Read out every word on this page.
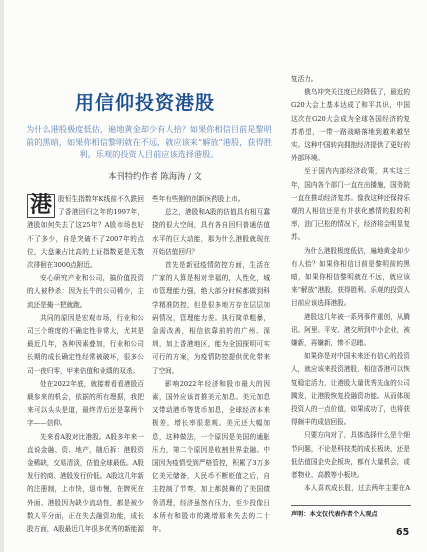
用信仰投资港股
为什么港股极度低估，遍地黄金却少有人拾？如果你相信目前是黎明前的黑暗，如果你相信黎明就在不远，就应该来“解放”港股，获得胜利。乐观的投资人目前应该选择港股。
本刊特约作者 陈海涛 / 文

港 股恒生指数年K线前不久跌回了香港回归之年的1997年，港股如何失去了这25年？A股市场也好不了多少，自是突破不了2007年的点位，大盘兼占比高的上证指数更是无数次徘徊在3000点附近。

安心研究产业和公司，搞价值投资的人被秒杀：因为长牛的公司稀少，主流还是掩一把就跑。

共同的原因是宏观市场，行业和公司三个维度的不确定性非常大，尤其是最近几年，各种因素叠加，行业和公司长期的成长确定性经常被破坏，很多公司一夜归零，甲来估值和业绩的双杀。

处在2022年底，就接着看看港股百载参来的机会，依据的所有理据，我把来可以头头是道，最终青后还是靠两个字——信仰。

先来看A股对比港股。A股多年来一直说金融、资、地产，随后拆：港股资金稀缺，交易清淡，估值全球最低。A股发行的商、港股发行价低。A股这几年新的注册制，上市快，退市慢，在牌死在外面、港股因为缺少流动性，都是被少数人平分面，正在失去融资功能，成长股方面，A股最近几年很多优秀的新能源

些年有些刚的创新医药股上市。

总之，港股和A股的估值具有相互蠢挠的很大空间，具有各自回归普通估值水平的巨大动能，那为什么港股就现在开始估值回归？

首先是新冠疫情防控方面，生活在广家的人算是相对幸福的，人性化，城市管理能力强，绝大部分时候都做到科学精准防控，但是很多地方存在层层加码情况，管理能力差。执行简单粗暴，急需改善，相信依靠前的的广州、深圳，加上香港地区，能为全国探明可实可行的方案，为疫情防控提供优化带来了空间。

影响2022年经济和股市最大的因素，国外应该首推美元加息。美元加息又带动港币等货币加息，全球经济本来极差，增长率很悲观。美元还大幅加息，这种做法，一个原因是美国的通胀压力，第二个原因是收割世界金融。中国因为疫情受到严格管控，积累了3万多亿美元储备，人民币不断贬值之后，自主控制了节奏，加上都鼓舞的了美国债务清理，经济虽然有压力，至少投像日本所有和股市的跳增那来失去的二十年。

复活力。

俄乌冲突关注度已经降低了，最近的G20大会上基本达成了和平共识，中国这次在G20大会成为全球各国经济的复苏希望，一带一路战略落地到越来越坚实。这种中国转向拥抱经济提供了更好的外部环境。

至于国内内部经济政策，其实这三年，国内各个部门一直在出播施，国务院一直在推动经济复苏。像我这种还保持乐观的人相信还是有并获化感情的股的利率，油门已松的情况下，经济将会明显复苏。

为什么港股极度低估，遍地黄金却少有人拾？如果你相信目前是黎明前的黑暗，如果你相信黎明就在不远，就应该来“解放”港股，获得胜利。乐观的投资人目前应该选择港股。

港股这几年被一系列事件重创，从腾讯、阿里、平安、港交所到中小企业，被嫌新，再嫌新，惨不忍睹。

如果你是对中国未来还有信心的投资人，就应该来投资港股，相信香港可以恢复稳定活力，让港股大量优秀先血的公司腾发，让港股恢复投融资功能。从而体现投资人的一点价值，如果成功了，也将获得颇丰的成信回报。

只要方向对了，具体选择什么是个细节问题，不论是科技类的成长板块，还是低估值国企央企板块，都有大量机会，或者物业、高教等小板块。

本人喜欢成长股，过去两年主要在A

声明：本文仅代表作者个人观点
65
